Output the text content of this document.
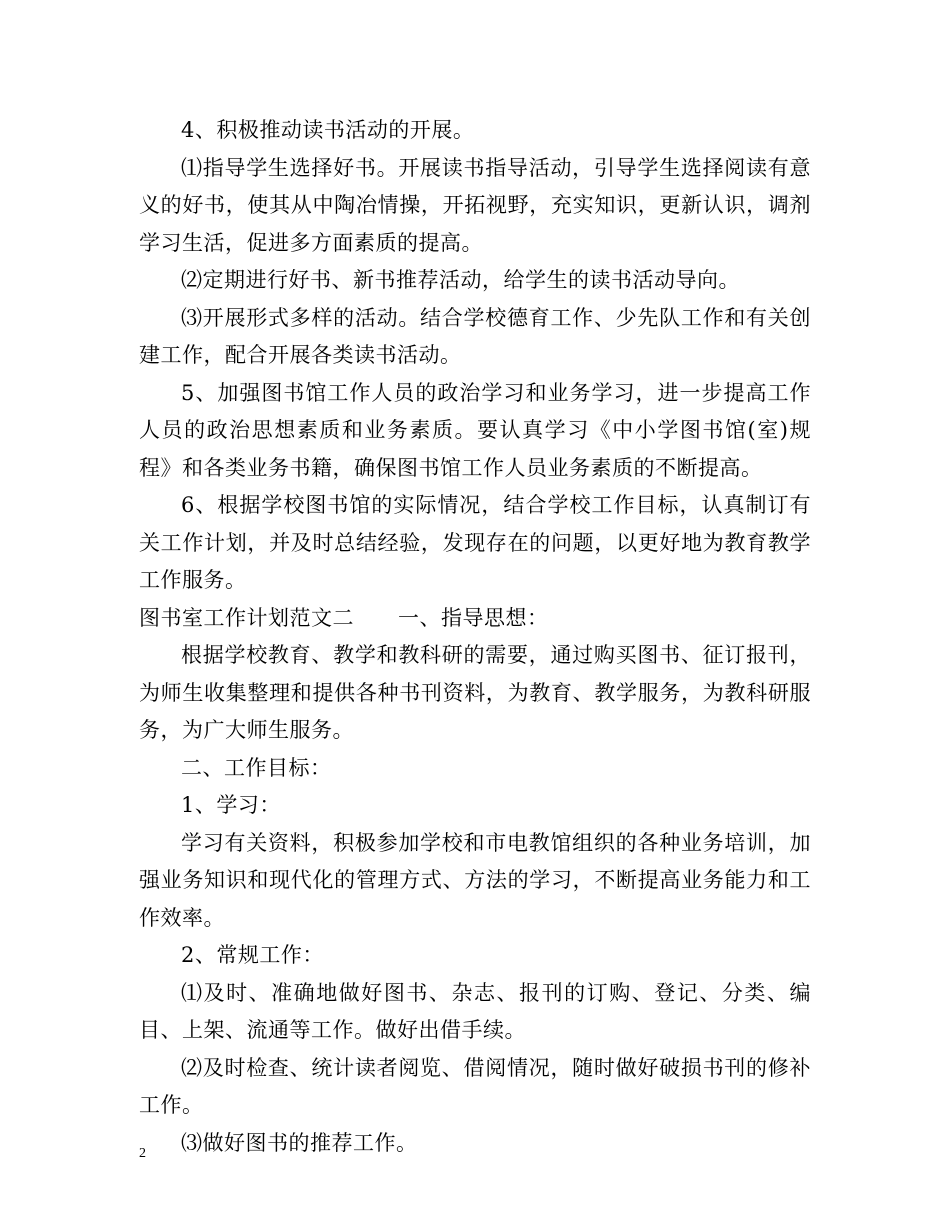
4、积极推动读书活动的开展。

⑴指导学生选择好书。开展读书指导活动，引导学生选择阅读有意义的好书，使其从中陶冶情操，开拓视野，充实知识，更新认识，调剂学习生活，促进多方面素质的提高。

⑵定期进行好书、新书推荐活动，给学生的读书活动导向。

⑶开展形式多样的活动。结合学校德育工作、少先队工作和有关创建工作，配合开展各类读书活动。

5、加强图书馆工作人员的政治学习和业务学习，进一步提高工作人员的政治思想素质和业务素质。要认真学习《中小学图书馆(室)规程》和各类业务书籍，确保图书馆工作人员业务素质的不断提高。

6、根据学校图书馆的实际情况，结合学校工作目标，认真制订有关工作计划，并及时总结经验，发现存在的问题，以更好地为教育教学工作服务。

图书室工作计划范文二 一、指导思想：

根据学校教育、教学和教科研的需要，通过购买图书、征订报刊，为师生收集整理和提供各种书刊资料，为教育、教学服务，为教科研服务，为广大师生服务。

二、工作目标：

1、学习：

学习有关资料，积极参加学校和市电教馆组织的各种业务培训，加强业务知识和现代化的管理方式、方法的学习，不断提高业务能力和工作效率。

2、常规工作：

⑴及时、准确地做好图书、杂志、报刊的订购、登记、分类、编目、上架、流通等工作。做好出借手续。

⑵及时检查、统计读者阅览、借阅情况，随时做好破损书刊的修补工作。

⑶做好图书的推荐工作。

2
